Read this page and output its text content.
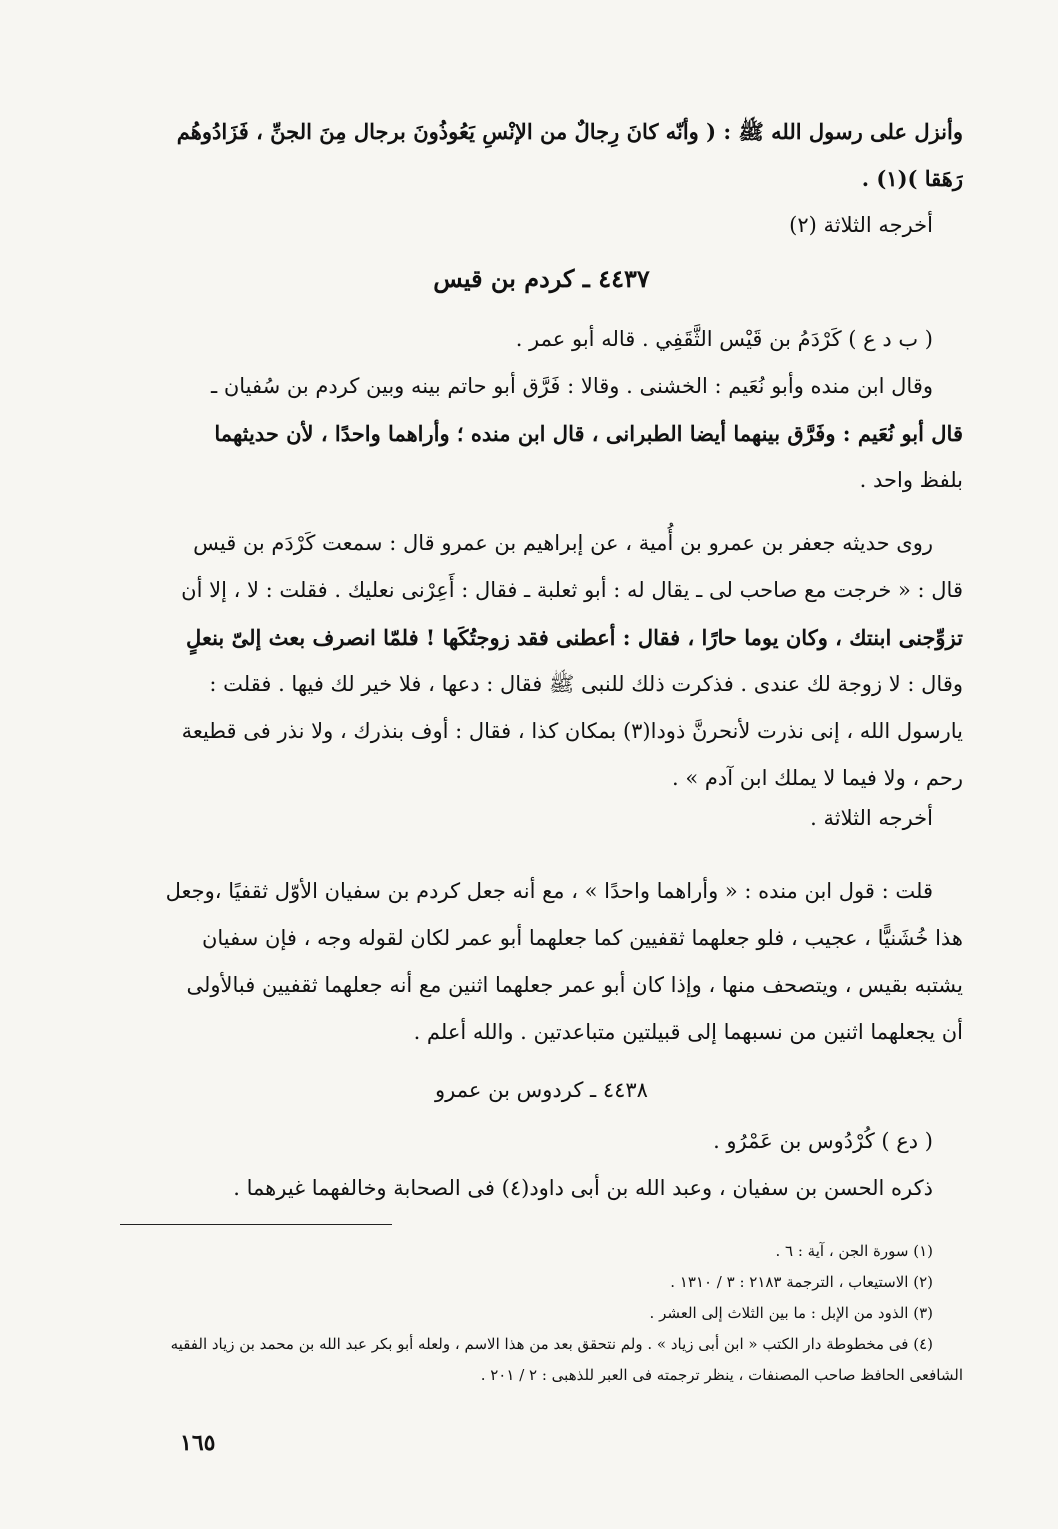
وأنزل على رسول الله ﷺ : ( وأنّه كانَ رِجالٌ من الإنْسِ يَعُوذُونَ برجال مِنَ الجنِّ ، فَزَادُوهُم
رَهَقا )(١) .
أخرجه الثلاثة (٢)
٤٤٣٧ ـ كردم بن قيس
( ب د ع ) كَرْدَمُ بن قَيْس الثَّقَفِي . قاله أبو عمر .
وقال ابن منده وأبو نُعَيم : الخشنى . وقالا : فَرَّق أبو حاتم بينه وبين كردم بن سُفيان ـ
قال أبو نُعَيم : وفَرَّق بينهما أيضا الطبرانى ، قال ابن منده ؛ وأراهما واحدًا ، لأن حديثهما
بلفظ واحد .
روى حديثه جعفر بن عمرو بن أُمية ، عن إبراهيم بن عمرو قال : سمعت كَرْدَم بن قيس
قال : « خرجت مع صاحب لى ـ يقال له : أبو ثعلبة ـ فقال : أَعِرْنى نعليك . فقلت : لا ، إلا أن
تزوِّجنى ابنتك ، وكان يوما حارًا ، فقال : أعطنى فقد زوجتُكَها ! فلمّا انصرف بعث إلىّ بنعلٍ
وقال : لا زوجة لك عندى . فذكرت ذلك للنبى ﷺ فقال : دعها ، فلا خير لك فيها . فقلت :
يارسول الله ، إنى نذرت لأنحرنَّ ذودا(٣) بمكان كذا ، فقال : أوف بنذرك ، ولا نذر فى قطيعة
رحم ، ولا فيما لا يملك ابن آدم » .
أخرجه الثلاثة .
قلت : قول ابن منده : « وأراهما واحدًا » ، مع أنه جعل كردم بن سفيان الأوّل ثقفيًا ،وجعل
هذا خُشَنيًّا ، عجيب ، فلو جعلهما ثقفيين كما جعلهما أبو عمر لكان لقوله وجه ، فإن سفيان
يشتبه بقيس ، ويتصحف منها ، وإذا كان أبو عمر جعلهما اثنين مع أنه جعلهما ثقفيين فبالأولى
أن يجعلهما اثنين من نسبهما إلى قبيلتين متباعدتين . والله أعلم .
٤٤٣٨ ـ كردوس بن عمرو
( دع ) كُرْدُوس بن عَمْرُو .
ذكره الحسن بن سفيان ، وعبد الله بن أبى داود(٤) فى الصحابة وخالفهما غيرهما .
(١) سورة الجن ، آية : ٦ .
(٢) الاستيعاب ، الترجمة ٢١٨٣ : ٣ / ١٣١٠ .
(٣) الذود من الإبل : ما بين الثلاث إلى العشر .
(٤) فى مخطوطة دار الكتب « ابن أبى زياد » . ولم نتحقق بعد من هذا الاسم ، ولعله أبو بكر عبد الله بن محمد بن زياد الفقيه
الشافعى الحافظ صاحب المصنفات ، ينظر ترجمته فى العبر للذهبى : ٢ / ٢٠١ .
١٦٥
